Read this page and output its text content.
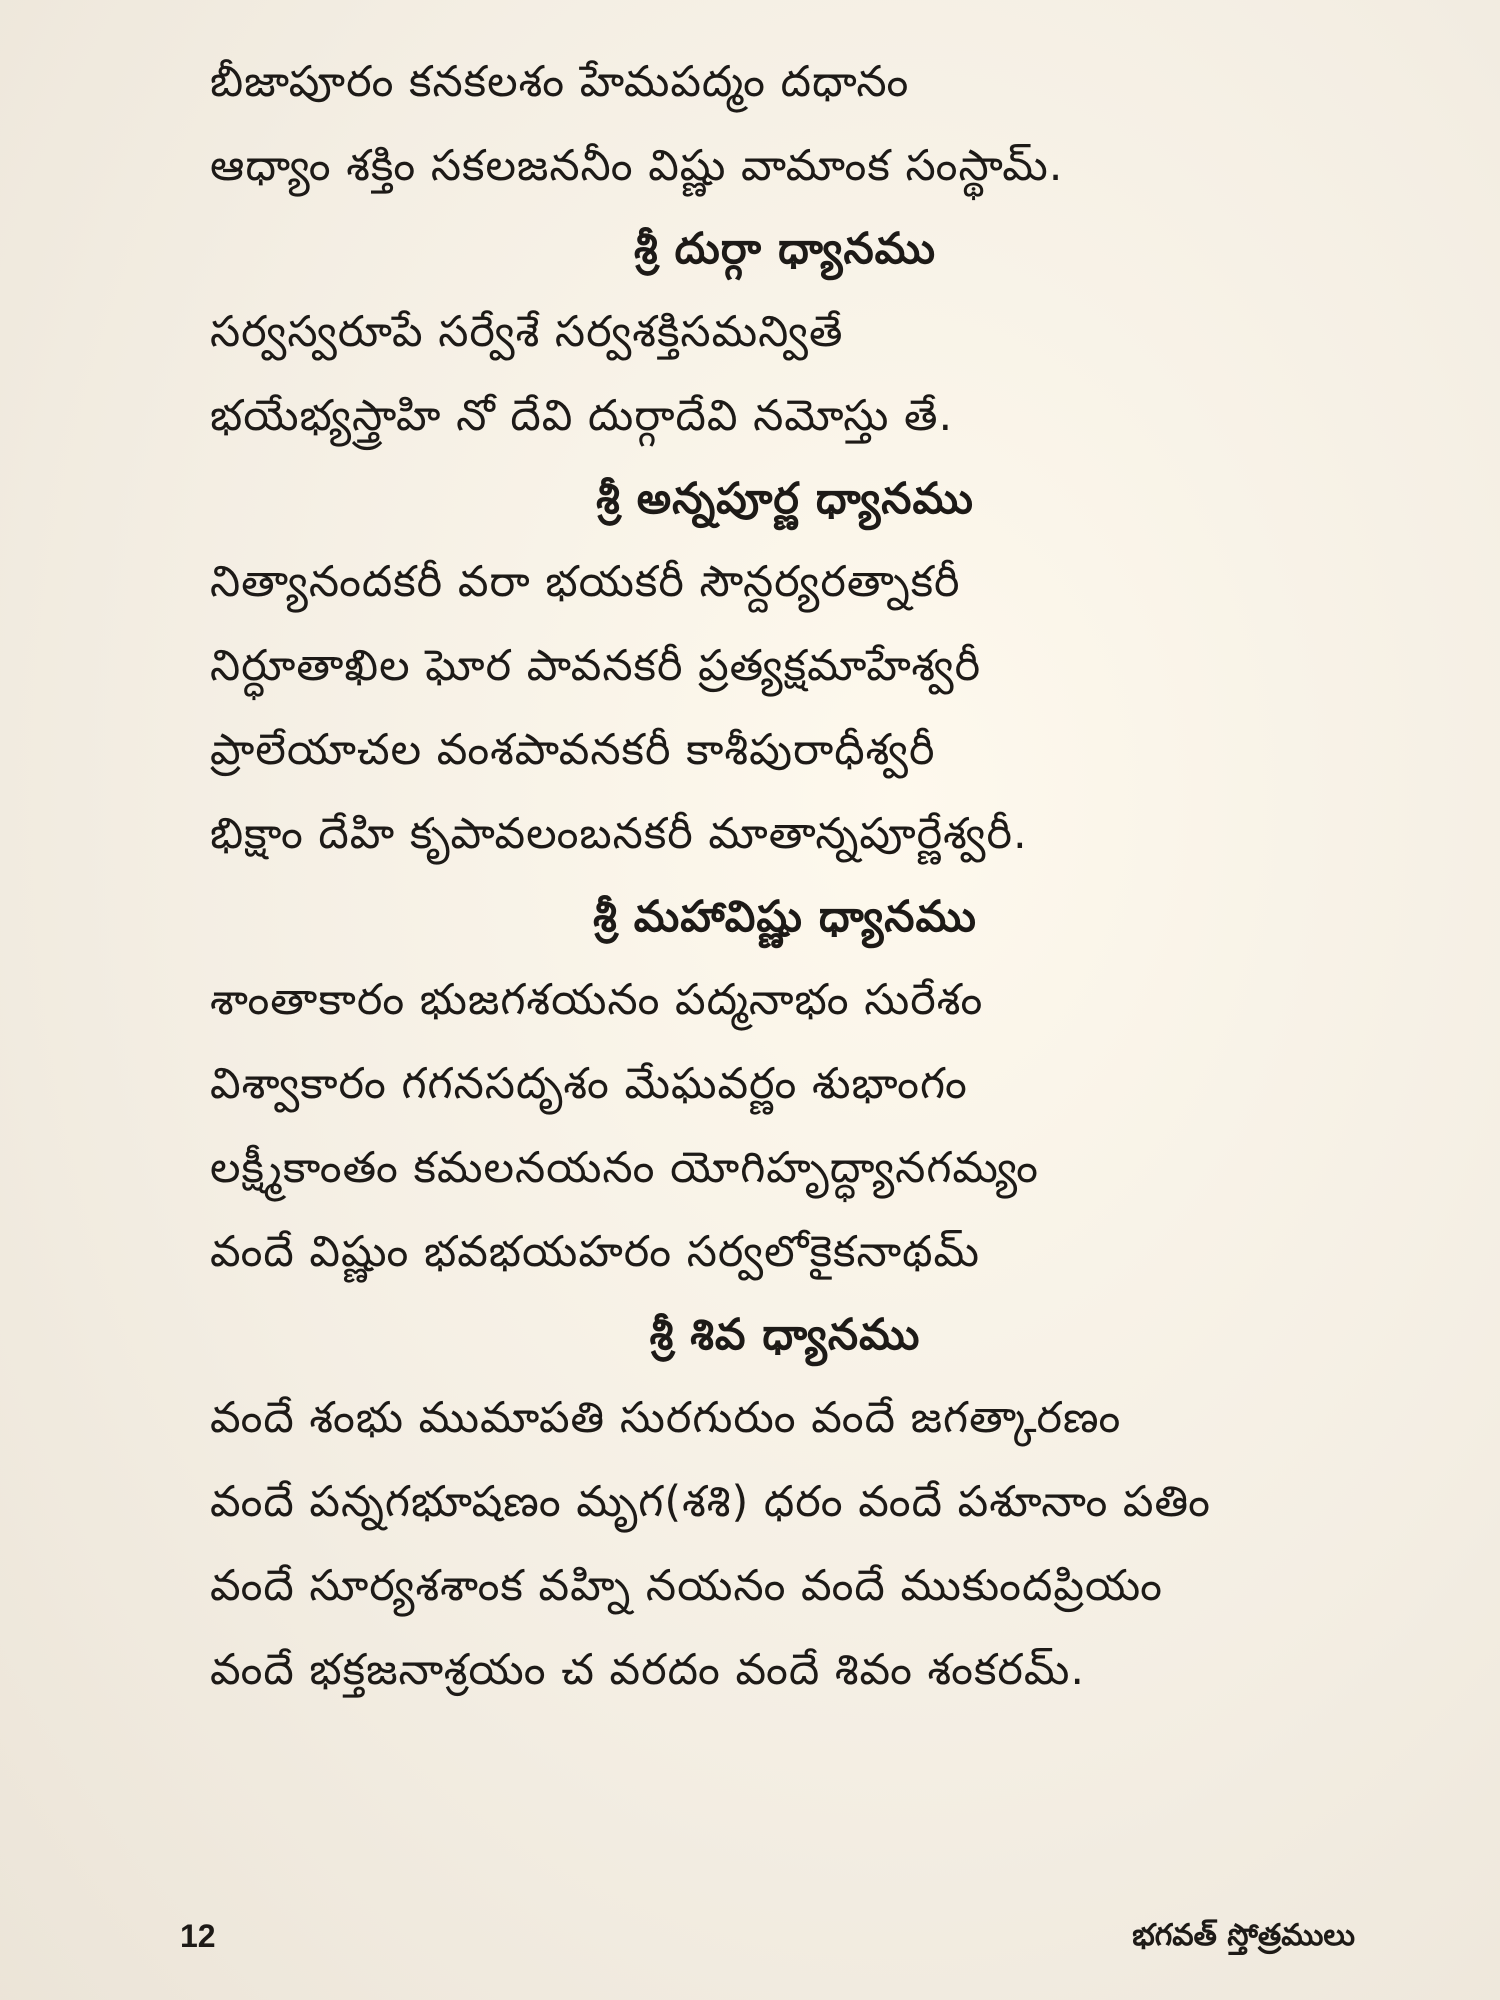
బీజాపూరం కనకలశం హేమపద్మం దధానం
ఆధ్యాం శక్తిం సకలజననీం విష్ణు వామాంక సంస్థామ్.
శ్రీ దుర్గా ధ్యానము
సర్వస్వరూపే సర్వేశే సర్వశక్తిసమన్వితే
భయేభ్యస్త్రాహి నో దేవి దుర్గాదేవి నమోస్తు తే.
శ్రీ అన్నపూర్ణ ధ్యానము
నిత్యానందకరీ వరా భయకరీ సౌన్దర్యరత్నాకరీ
నిర్ధూతాఖిల ఘోర పావనకరీ ప్రత్యక్షమాహేశ్వరీ
ప్రాలేయాచల వంశపావనకరీ కాశీపురాధీశ్వరీ
భిక్షాం దేహి కృపావలంబనకరీ మాతాన్నపూర్ణేశ్వరీ.
శ్రీ మహావిష్ణు ధ్యానము
శాంతాకారం భుజగశయనం పద్మనాభం సురేశం
విశ్వాకారం గగనసదృశం మేఘవర్ణం శుభాంగం
లక్ష్మీకాంతం కమలనయనం యోగిహృద్ధ్యానగమ్యం
వందే విష్ణుం భవభయహరం సర్వలోకైకనాథమ్
శ్రీ శివ ధ్యానము
వందే శంభు ముమాపతి సురగురుం వందే జగత్కారణం
వందే పన్నగభూషణం మృగ(శశి) ధరం వందే పశూనాం పతిం
వందే సూర్యశశాంక వహ్ని నయనం వందే ముకుందప్రియం
వందే భక్తజనాశ్రయం చ వరదం వందే శివం శంకరమ్.
12	భగవత్ స్తోత్రములు
